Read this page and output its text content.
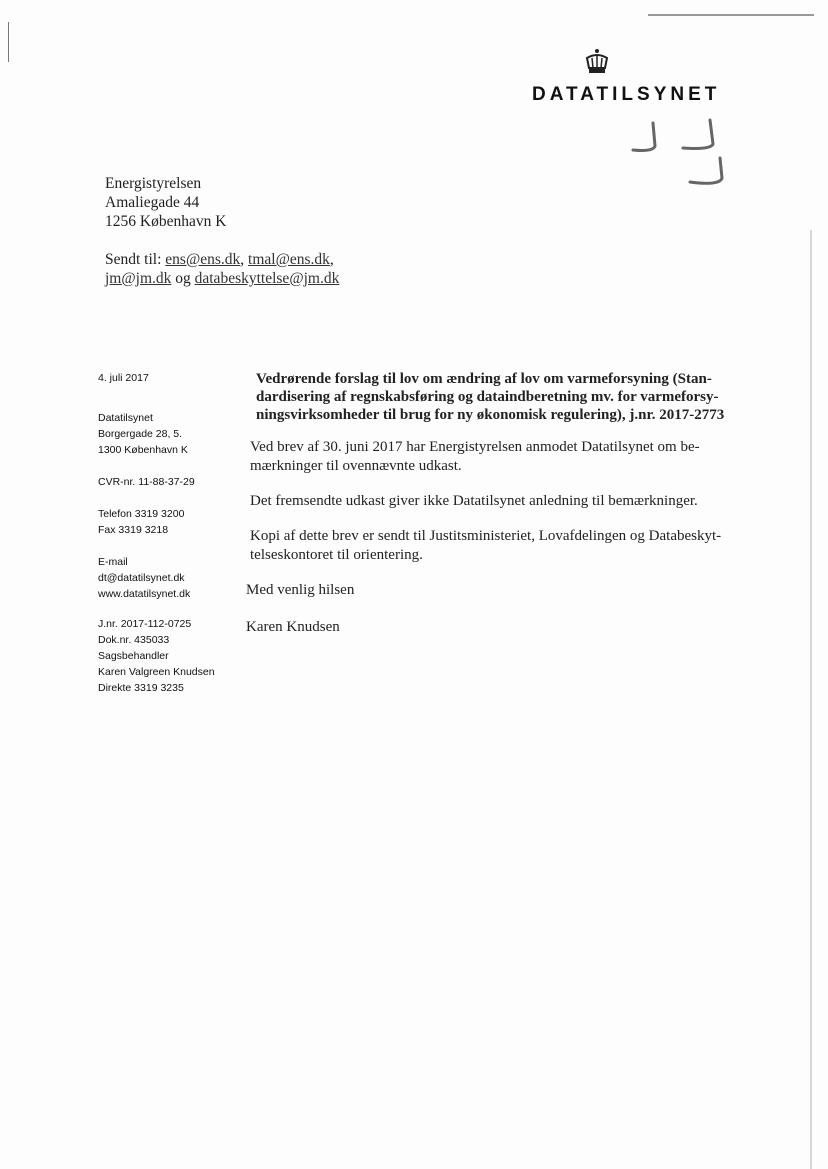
DATATILSYNET
Energistyrelsen
Amaliegade 44
1256 København K
Sendt til: ens@ens.dk, tmal@ens.dk,
jm@jm.dk og databeskyttelse@jm.dk
4. juli 2017
Datatilsynet
Borgergade 28, 5.
1300 København K
CVR-nr. 11-88-37-29
Telefon 3319 3200
Fax 3319 3218
E-mail
dt@datatilsynet.dk
www.datatilsynet.dk
J.nr. 2017-112-0725
Dok.nr. 435033
Sagsbehandler
Karen Valgreen Knudsen
Direkte 3319 3235
Vedrørende forslag til lov om ændring af lov om varmeforsyning (Stan-
dardisering af regnskabsføring og dataindberetning mv. for varmeforsy-
ningsvirksomheder til brug for ny økonomisk regulering), j.nr. 2017-2773
Ved brev af 30. juni 2017 har Energistyrelsen anmodet Datatilsynet om be-
mærkninger til ovennævnte udkast.
Det fremsendte udkast giver ikke Datatilsynet anledning til bemærkninger.
Kopi af dette brev er sendt til Justitsministeriet, Lovafdelingen og Databeskyt-
telseskontoret til orientering.
Med venlig hilsen
Karen Knudsen
